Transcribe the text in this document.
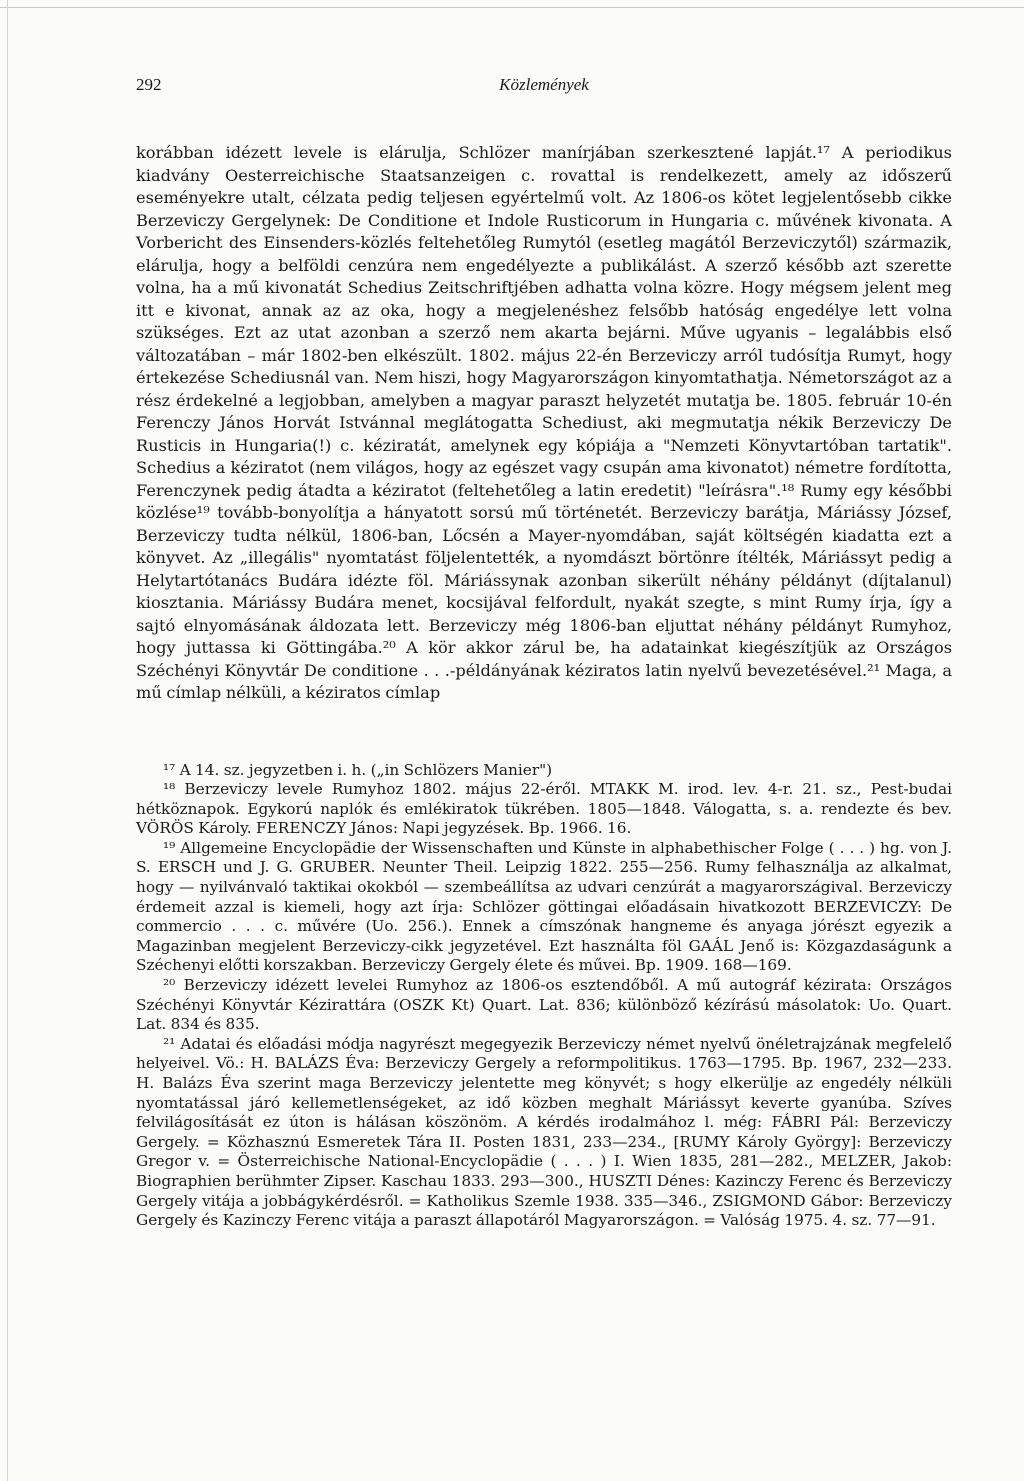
292	Közlemények
korábban idézett levele is elárulja, Schlözer manírjában szerkesztené lapját.¹⁷ A periodikus kiadvány Oesterreichische Staatsanzeigen c. rovattal is rendelkezett, amely az időszerű eseményekre utalt, célzata pedig teljesen egyértelmű volt. Az 1806-os kötet legjelentősebb cikke Berzeviczy Gergelynek: De Conditione et Indole Rusticorum in Hungaria c. művének kivonata. A Vorbericht des Einsenders-közlés feltehetőleg Rumytól (esetleg magától Berzeviczytől) származik, elárulja, hogy a belföldi cenzúra nem engedélyezte a publikálást. A szerző később azt szerette volna, ha a mű kivonatát Schedius Zeitschriftjében adhatta volna közre. Hogy mégsem jelent meg itt e kivonat, annak az az oka, hogy a megjelenéshez felsőbb hatóság engedélye lett volna szükséges. Ezt az utat azonban a szerző nem akarta bejárni. Műve ugyanis – legalábbis első változatában – már 1802-ben elkészült. 1802. május 22-én Berzeviczy arról tudósítja Rumyt, hogy értekezése Schediusnál van. Nem hiszi, hogy Magyarországon kinyomtathatja. Németországot az a rész érdekelné a legjobban, amelyben a magyar paraszt helyzetét mutatja be. 1805. február 10-én Ferenczy János Horvát Istvánnal meglátogatta Schediust, aki megmutatja nékik Berzeviczy De Rusticis in Hungaria(!) c. kéziratát, amelynek egy kópiája a "Nemzeti Könyvtartóban tartatik". Schedius a kéziratot (nem világos, hogy az egészet vagy csupán ama kivonatot) németre fordította, Ferenczynek pedig átadta a kéziratot (feltehetőleg a latin eredetit) "leírásra".¹⁸ Rumy egy későbbi közlése¹⁹ tovább-bonyolítja a hányatott sorsú mű történetét. Berzeviczy barátja, Máriássy József, Berzeviczy tudta nélkül, 1806-ban, Lőcsén a Mayer-nyomdában, saját költségén kiadatta ezt a könyvet. Az „illegális" nyomtatást följelentették, a nyomdászt börtönre ítélték, Máriássyt pedig a Helytartótanács Budára idézte föl. Máriássynak azonban sikerült néhány példányt (díjtalanul) kiosztania. Máriássy Budára menet, kocsijával felfordult, nyakát szegte, s mint Rumy írja, így a sajtó elnyomásának áldozata lett. Berzeviczy még 1806-ban eljuttat néhány példányt Rumyhoz, hogy juttassa ki Göttingába.²⁰ A kör akkor zárul be, ha adatainkat kiegészítjük az Országos Széchényi Könyvtár De conditione . . .-példányának kéziratos latin nyelvű bevezetésével.²¹ Maga, a mű címlap nélküli, a kéziratos címlap

¹⁷ A 14. sz. jegyzetben i. h. („in Schlözers Manier")

¹⁸ Berzeviczy levele Rumyhoz 1802. május 22-éről. MTAKK M. irod. lev. 4-r. 21. sz., Pest-budai hétköznapok. Egykorú naplók és emlékiratok tükrében. 1805—1848. Válogatta, s. a. rendezte és bev. VÖRÖS Károly. FERENCZY János: Napi jegyzések. Bp. 1966. 16.

¹⁹ Allgemeine Encyclopädie der Wissenschaften und Künste in alphabethischer Folge ( . . . ) hg. von J. S. ERSCH und J. G. GRUBER. Neunter Theil. Leipzig 1822. 255—256. Rumy felhasználja az alkalmat, hogy — nyilvánvaló taktikai okokból — szembeállítsa az udvari cenzúrát a magyarországival. Berzeviczy érdemeit azzal is kiemeli, hogy azt írja: Schlözer göttingai előadásain hivatkozott BERZEVICZY: De commercio . . . c. művére (Uo. 256.). Ennek a címszónak hangneme és anyaga jórészt egyezik a Magazinban megjelent Berzeviczy-cikk jegyzetével. Ezt használta föl GAÁL Jenő is: Közgazdaságunk a Széchenyi előtti korszakban. Berzeviczy Gergely élete és művei. Bp. 1909. 168—169.

²⁰ Berzeviczy idézett levelei Rumyhoz az 1806-os esztendőből. A mű autográf kézirata: Országos Széchényi Könyvtár Kézirattára (OSZK Kt) Quart. Lat. 836; különböző kézírású másolatok: Uo. Quart. Lat. 834 és 835.

²¹ Adatai és előadási módja nagyrészt megegyezik Berzeviczy német nyelvű önéletrajzának megfelelő helyeivel. Vö.: H. BALÁZS Éva: Berzeviczy Gergely a reformpolitikus. 1763—1795. Bp. 1967, 232—233. H. Balázs Éva szerint maga Berzeviczy jelentette meg könyvét; s hogy elkerülje az engedély nélküli nyomtatással járó kellemetlenségeket, az idő közben meghalt Máriássyt keverte gyanúba. Szíves felvilágosítását ez úton is hálásan köszönöm. A kérdés irodalmához l. még: FÁBRI Pál: Berzeviczy Gergely. = Közhasznú Esmeretek Tára II. Posten 1831, 233—234., [RUMY Károly György]: Berzeviczy Gregor v. = Österreichische National-Encyclopädie ( . . . ) I. Wien 1835, 281—282., MELZER, Jakob: Biographien berühmter Zipser. Kaschau 1833. 293—300., HUSZTI Dénes: Kazinczy Ferenc és Berzeviczy Gergely vitája a jobbágykérdésről. = Katholikus Szemle 1938. 335—346., ZSIGMOND Gábor: Berzeviczy Gergely és Kazinczy Ferenc vitája a paraszt állapotáról Magyarországon. = Valóság 1975. 4. sz. 77—91.
